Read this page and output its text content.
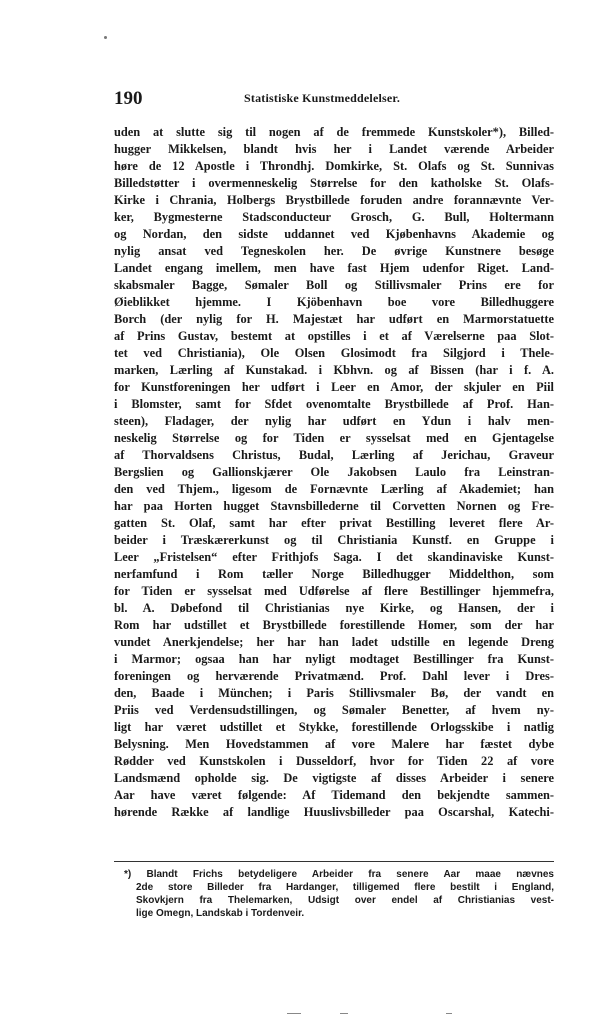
190	Statistiske Kunstmeddelelser.
uden at slutte sig til nogen af de fremmede Kunstskoler*), Billed-
hugger Mikkelsen, blandt hvis her i Landet værende Arbeider
høre de 12 Apostle i Throndhj. Domkirke, St. Olafs og St. Sunnivas
Billedstøtter i overmenneskelig Størrelse for den katholske St. Olafs-
Kirke i Chrania, Holbergs Brystbillede foruden andre forannævnte Ver-
ker, Bygmesterne Stadsconducteur Grosch, G. Bull, Holtermann
og Nordan, den sidste uddannet ved Kjøbenhavns Akademie og
nylig ansat ved Tegneskolen her. De øvrige Kunstnere besøge
Landet engang imellem, men have fast Hjem udenfor Riget. Land-
skabsmaler Bagge, Sømaler Boll og Stillivsmaler Prins ere for
Øieblikket hjemme. I Kjöbenhavn boe vore Billedhuggere
Borch (der nylig for H. Majestæt har udført en Marmorstatuette
af Prins Gustav, bestemt at opstilles i et af Værelserne paa Slot-
tet ved Christiania), Ole Olsen Glosimodt fra Silgjord i Thele-
marken, Lærling af Kunstakad. i Kbhvn. og af Bissen (har i f. A.
for Kunstforeningen her udført i Leer en Amor, der skjuler en Piil
i Blomster, samt for Sfdet ovenomtalte Brystbillede af Prof. Han-
steen), Fladager, der nylig har udført en Ydun i halv men-
neskelig Størrelse og for Tiden er sysselsat med en Gjentagelse
af Thorvaldsens Christus, Budal, Lærling af Jerichau, Graveur
Bergslien og Gallionskjærer Ole Jakobsen Laulo fra Leinstran-
den ved Thjem., ligesom de Fornævnte Lærling af Akademiet; han
har paa Horten hugget Stavnsbillederne til Corvetten Nornen og Fre-
gatten St. Olaf, samt har efter privat Bestilling leveret flere Ar-
beider i Træskærerkunst og til Christiania Kunstf. en Gruppe i
Leer „Fristelsen“ efter Frithjofs Saga. I det skandinaviske Kunst-
nerfamfund i Rom tæller Norge Billedhugger Middelthon, som
for Tiden er sysselsat med Udførelse af flere Bestillinger hjemmefra,
bl. A. Døbefond til Christianias nye Kirke, og Hansen, der i
Rom har udstillet et Brystbillede forestillende Homer, som der har
vundet Anerkjendelse; her har han ladet udstille en legende Dreng
i Marmor; ogsaa han har nyligt modtaget Bestillinger fra Kunst-
foreningen og herværende Privatmænd. Prof. Dahl lever i Dres-
den, Baade i München; i Paris Stillivsmaler Bø, der vandt en
Priis ved Verdensudstillingen, og Sømaler Benetter, af hvem ny-
ligt har været udstillet et Stykke, forestillende Orlogsskibe i natlig
Belysning. Men Hovedstammen af vore Malere har fæstet dybe
Rødder ved Kunstskolen i Dusseldorf, hvor for Tiden 22 af vore
Landsmænd opholde sig. De vigtigste af disses Arbeider i senere
Aar have været følgende: Af Tidemand den bekjendte sammen-
hørende Række af landlige Huuslivsbilleder paa Oscarshal, Katechi-
*) Blandt Frichs betydeligere Arbeider fra senere Aar maae nævnes
2de store Billeder fra Hardanger, tilligemed flere bestilt i England,
Skovkjern fra Thelemarken, Udsigt over endel af Christianias vest-
lige Omegn, Landskab i Tordenveir.
